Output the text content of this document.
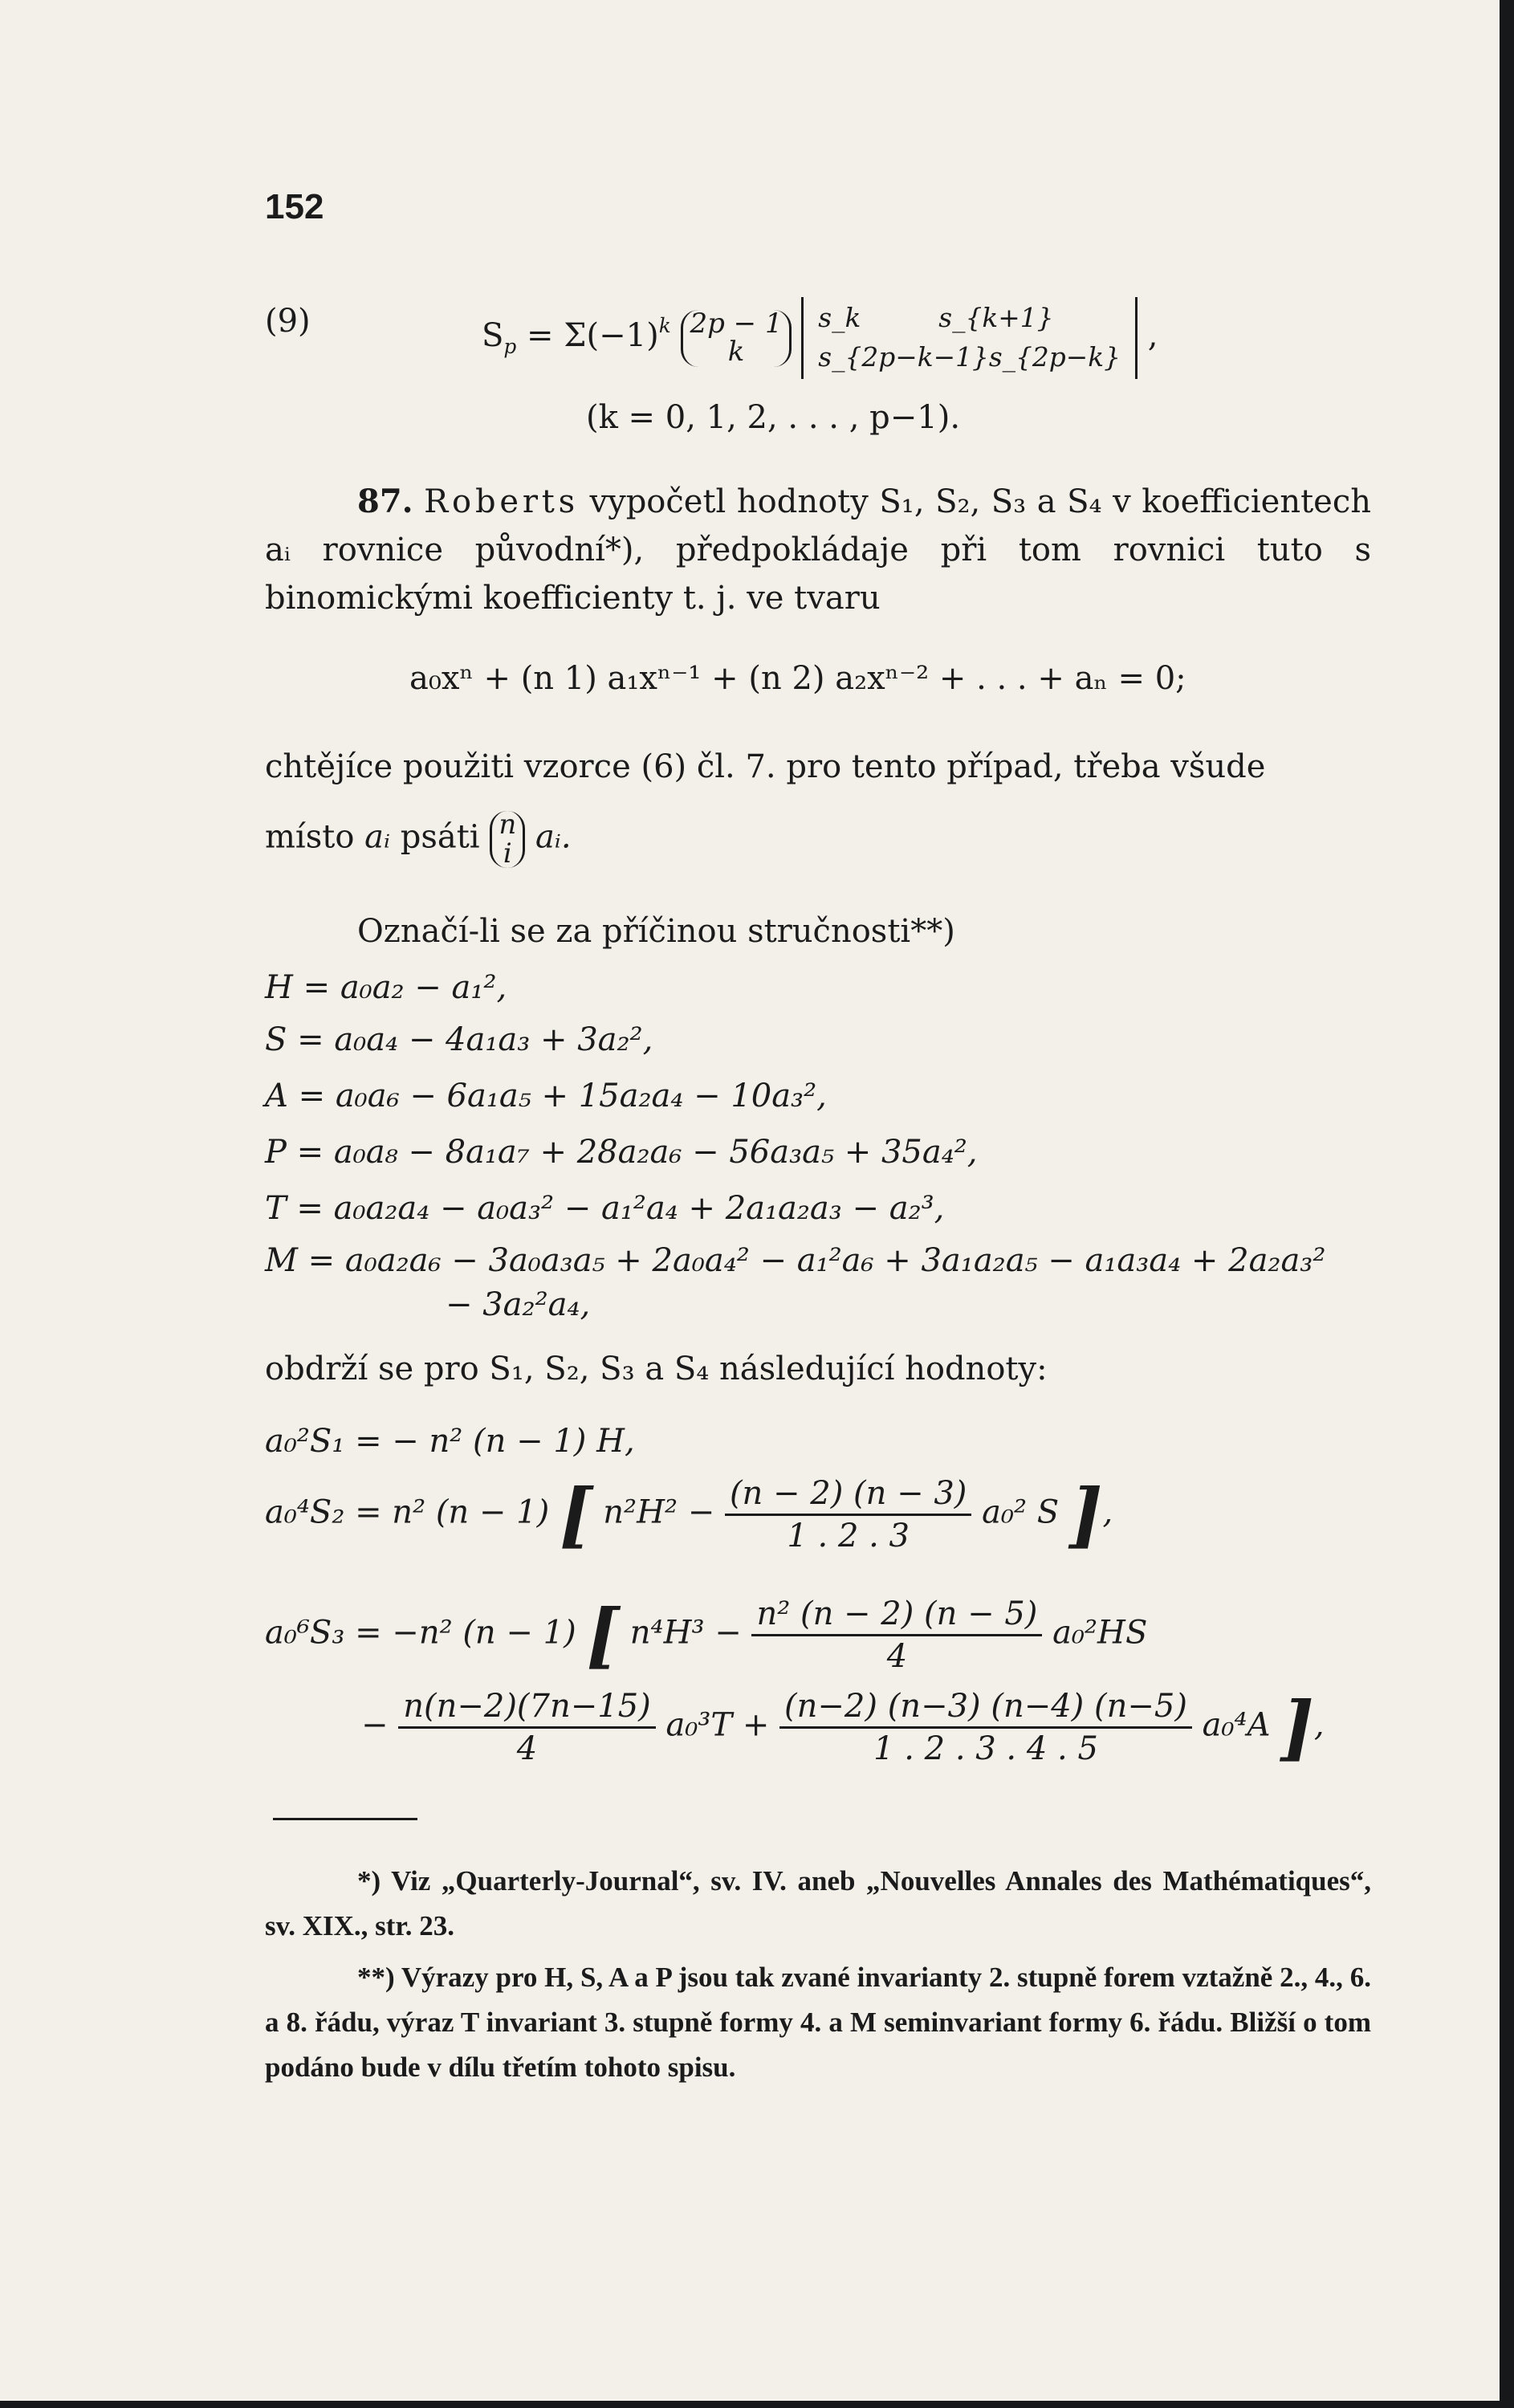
152
(9)	$S_p = \Sigma(-1)^k$ 2p − 1
k s_k	s_{k+1}
s_{2p−k−1}s_{2p−k} ,
(k = 0, 1, 2, . . . , p−1).
87. Roberts vypočetl hodnoty S₁, S₂, S₃ a S₄ v koefficientech aᵢ rovnice původní*), předpokládaje při tom rovnici tuto s binomickými koefficienty t. j. ve tvaru
a₀xⁿ + (n 1) a₁xⁿ⁻¹ + (n 2) a₂xⁿ⁻² + . . . + aₙ = 0;
chtějíce použiti vzorce (6) čl. 7. pro tento případ, třeba všude
místo aᵢ psáti n
i aᵢ.
Označí-li se za příčinou stručnosti**)
H = a₀a₂ − a₁²,
S = a₀a₄ − 4a₁a₃ + 3a₂²,
A = a₀a₆ − 6a₁a₅ + 15a₂a₄ − 10a₃²,
P = a₀a₈ − 8a₁a₇ + 28a₂a₆ − 56a₃a₅ + 35a₄²,
T = a₀a₂a₄ − a₀a₃² − a₁²a₄ + 2a₁a₂a₃ − a₂³,
M = a₀a₂a₆ − 3a₀a₃a₅ + 2a₀a₄² − a₁²a₆ + 3a₁a₂a₅ − a₁a₃a₄ + 2a₂a₃²
− 3a₂²a₄,
obdrží se pro S₁, S₂, S₃ a S₄ následující hodnoty:
a₀²S₁ = − n² (n − 1) H,
a₀⁴S₂ = n² (n − 1) [ $n^2H^2 - \frac{(n - 2) (n - 3)}{1 . 2 . 3} a_0^2$ S ],
a₀⁶S₃ = −n² (n − 1) [ $n^4H^3 - \frac{\text{n² (n − 2) (n − 5)}}{4} a_0^2HS$
− $\frac{n(n-2)(7n-15)}{4} a_0^3T + \frac{(n-2) (n-3) (n-4) (n-5)}{1 . 2 . 3 . 4 . 5} a_0^4A$ ],
*) Viz „Quarterly-Journal“, sv. IV. aneb „Nouvelles Annales des Mathématiques“, sv. XIX., str. 23.
**) Výrazy pro H, S, A a P jsou tak zvané invarianty 2. stupně forem vztažně 2., 4., 6. a 8. řádu, výraz T invariant 3. stupně formy 4. a M seminvariant formy 6. řádu. Bližší o tom podáno bude v dílu třetím tohoto spisu.
